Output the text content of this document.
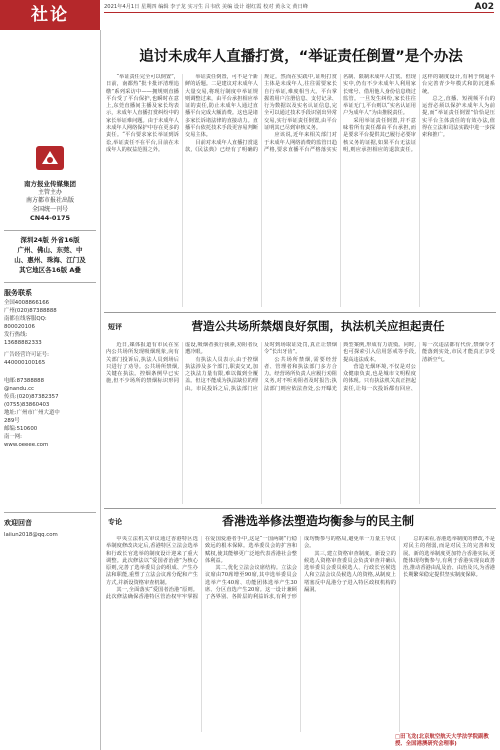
社论	2021年4月1日 星期四 编辑 李子龙 实习生 吕韦欣 美编 设计 谢红霞 校对 黄永文 黄日峰	A02
南方报业传媒集团
主管主办
南方都市报社出版
全国统一刊号
CN44-0175
深圳24版 外省16版
广州、佛山、东莞、中
山、惠州、珠海、江门及
其它地区各16版 A叠
服务联系
全国4008866166
广州(020)87388888
南都在线客服QQ:
800020106
发行热线:
13688882333
广告经营许可证号:
440000100165
电邮:87388888
@nandu.cc
传真:(020)87382357
(0755)83860403
地址:广州市广州大道中
289号
邮编:510600
南一网:
www.oeeee.com
欢迎回音
laiiun2018@qq.com
追讨未成年人直播打赏，“举证责任倒置”是个办法

“举证责任完全可以倒置”，日前，南都热“批卡批评清理追缴”系列采访中——拥规则直播平台受了平台保护,也瞬时在意上,东莞直播间主播及家长均表示，未成年人直播打赏纠纷中的家长举证难问题。由于未成年人未成年人网络保护中存在更多的责任。“平台要求家长举证到诉讼,举证责任不在平台,目前在未成年人的权益范围之外。

举证责任倒置，可不是个新鲜的话题。二是建议对未成年人大量交易,将现行制度中举证规则调整过来，由平台承担相应举证的责任,防止未成年人通过直播平台完成大额消费。这也是诸多家长诉诸法律的直接动力。直播平台依托技术手段更容易判断交易主体。

目前对未成年人直播打赏退款,《民法典》已经有了明确的规定。然而在实践中,证明打赏主体是未成年人,往往需要家长自行举证,难度相当大。平台掌握着用户注册信息、支付记录、行为数据以及实名认证信息,完全可以通过技术手段识别出异常交易,实行举证责任倒置,由平台证明其已尽到审核义务。

应该说,近年来相关部门对于未成年人网络消费的监管日趋严格,要求直播平台严格落实实名制、限制未成年人打赏。但现实中,仍有不少未成年人利用家长账号、借用他人身份信息绕过监管。一旦发生纠纷,家长往往举证无门,平台则以“实名认证用户为成年人”为由推脱责任。

采用举证责任倒置,并不意味着所有责任都由平台承担,而是要求平台提供其已履行必要审核义务的证据,如果平台无法证明,则应承担相应的退款责任。这样的制度设计,有利于倒逼平台完善青少年模式和防沉迷系统。

总之,直播、短视频平台的运营必须以保护未成年人为前提,而“举证责任倒置”恰恰是压实平台主体责任的有效办法,值得在立法和司法实践中进一步探索和推广。

短评	营造公共场所禁烟良好氛围，执法机关应担起责任

近日,媒体报道有市民在室内公共场所发现吸烟现象,向有关部门投诉后,执法人员到场后只进行了劝导。公共场所禁烟,关键在执法。控烟条例早已实施,但不少场所的禁烟标识形同虚设,吸烟者我行我素,劝阻者反遭冷眼。

有执法人员表示,由于控烟执法涉及多个部门,职责交叉,加之执法力量有限,难以做到全覆盖。但这不能成为执法缺位的理由。市民投诉之后,执法部门应及时到场取证处罚,真正让禁烟令“长出牙齿”。

公共场所禁烟,需要经营者、管理者和执法部门多方合力。经营场所负责人应履行劝阻义务,对不听劝阻者及时报告;执法部门则应依法查处,公开曝光典型案例,形成有力震慑。同时,也可探索引入信用惩戒等手段,提高违法成本。

营造无烟环境,不仅是对公众健康负责,也是城市文明程度的体现。只有执法机关真正担起责任,让每一次投诉都有回应、每一次违法都有代价,禁烟令才能落到实处,市民才能真正享受清新空气。

专论	香港选举修法塑造均衡参与的民主制

中央立法机关审议通过香港特区选举制度修改决定后,香港特区立法会选举和行政长官选举的制度设计迎来了重大调整。此次修法以“爱国者治港”为核心原则,完善了选举委员会的组成、产生办法和职能,重塑了立法会议席分配和产生方式,并新设资格审查机制。

其一,全面落实“爱国者治港”原则。此次修法确保香港特区管治权牢牢掌握在爱国爱港者手中,这是“一国两制”行稳致远的根本保障。选举委员会的扩容和赋权,使其能够更广泛地代表香港社会整体利益。

其二,优化立法会议席结构。立法会议席由70席增至90席,其中选举委员会选举产生40席、功能团体选举产生30席、分区直选产生20席。这一设计兼顾了各界别、各阶层的利益诉求,有利于形成均衡参与的格局,避免单一力量主导议会。

其三,建立资格审查制度。新设立的候选人资格审查委员会负责审查并确认选举委员会委员候选人、行政长官候选人和立法会议员候选人的资格,从制度上堵塞反中乱港分子进入特区政权机构的漏洞。

总的来看,香港选举制度的修改,不是对民主的削弱,而是对民主的完善和发展。新的选举制度更加符合香港实际,更能体现均衡参与,有利于香港实现良政善治,推动香港由乱及治、由治及兴,为香港长期繁荣稳定提供坚实制度保障。

□田飞龙(北京航空航天大学法学院副教授、全国港澳研究会理事)
